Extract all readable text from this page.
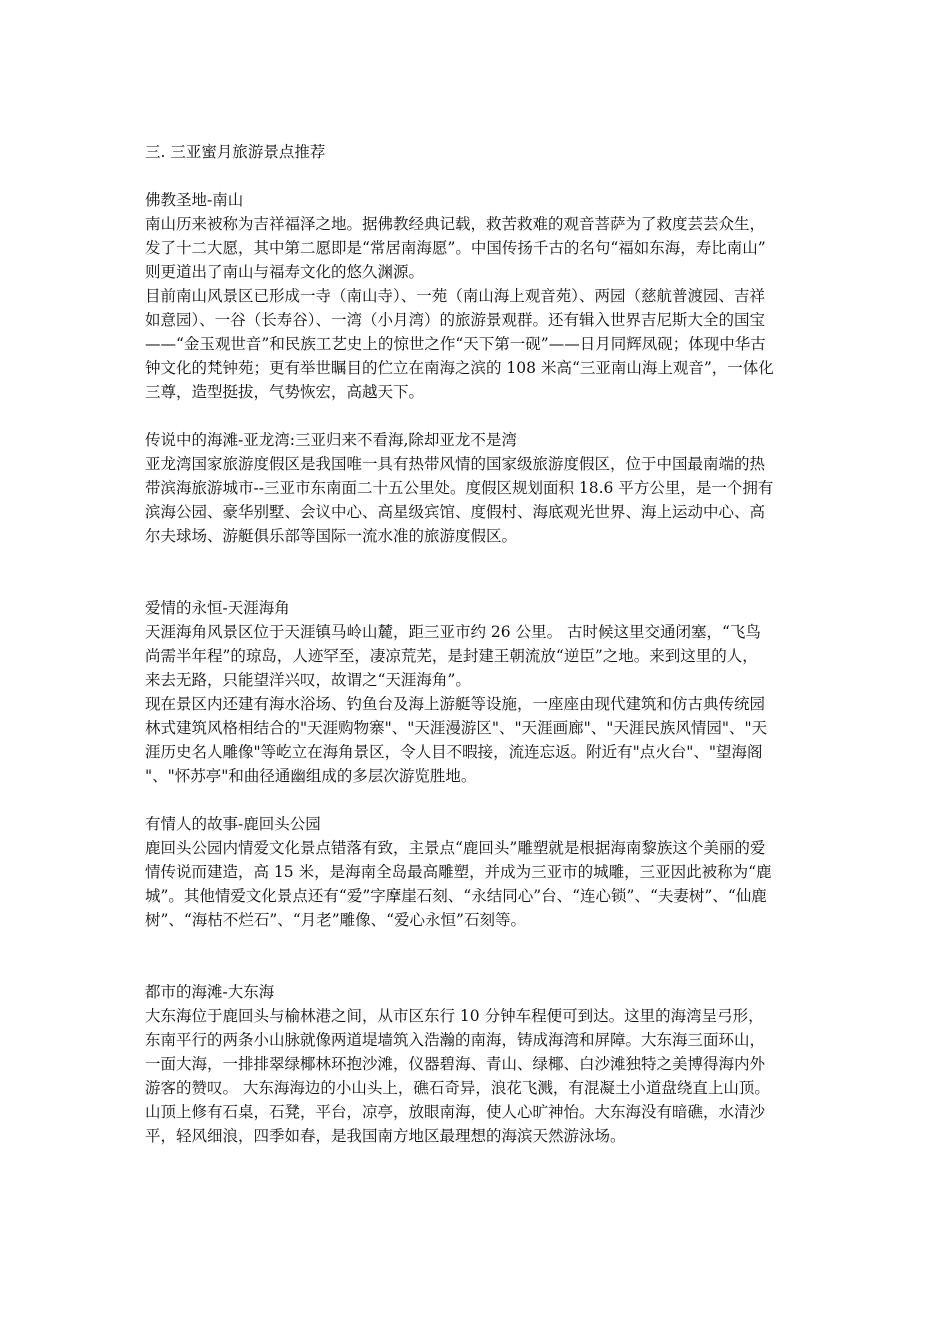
三. 三亚蜜月旅游景点推荐
佛教圣地-南山
南山历来被称为吉祥福泽之地。据佛教经典记载，救苦救难的观音菩萨为了救度芸芸众生，
发了十二大愿，其中第二愿即是“常居南海愿”。中国传扬千古的名句“福如东海，寿比南山”
则更道出了南山与福寿文化的悠久渊源。
目前南山风景区已形成一寺（南山寺）、一苑（南山海上观音苑）、两园（慈航普渡园、吉祥
如意园）、一谷（长寿谷）、一湾（小月湾）的旅游景观群。还有辑入世界吉尼斯大全的国宝
——“金玉观世音”和民族工艺史上的惊世之作“天下第一砚”——日月同辉凤砚；体现中华古
钟文化的梵钟苑；更有举世瞩目的伫立在南海之滨的 108 米高“三亚南山海上观音”，一体化
三尊，造型挺拔，气势恢宏，高越天下。
传说中的海滩-亚龙湾:三亚归来不看海,除却亚龙不是湾
亚龙湾国家旅游度假区是我国唯一具有热带风情的国家级旅游度假区，位于中国最南端的热
带滨海旅游城市--三亚市东南面二十五公里处。度假区规划面积 18.6 平方公里，是一个拥有
滨海公园、豪华别墅、会议中心、高星级宾馆、度假村、海底观光世界、海上运动中心、高
尔夫球场、游艇俱乐部等国际一流水准的旅游度假区。
爱情的永恒-天涯海角
天涯海角风景区位于天涯镇马岭山麓，距三亚市约 26 公里。 古时候这里交通闭塞，“飞鸟
尚需半年程”的琼岛，人迹罕至，凄凉荒芜，是封建王朝流放“逆臣”之地。来到这里的人，
来去无路，只能望洋兴叹，故谓之“天涯海角”。
现在景区内还建有海水浴场、钓鱼台及海上游艇等设施，一座座由现代建筑和仿古典传统园
林式建筑风格相结合的"天涯购物寨"、"天涯漫游区"、"天涯画廊"、"天涯民族风情园"、"天
涯历史名人雕像"等屹立在海角景区，令人目不暇接，流连忘返。附近有"点火台"、"望海阁
"、"怀苏亭"和曲径通幽组成的多层次游览胜地。
有情人的故事-鹿回头公园
鹿回头公园内情爱文化景点错落有致，主景点“鹿回头”雕塑就是根据海南黎族这个美丽的爱
情传说而建造，高 15 米，是海南全岛最高雕塑，并成为三亚市的城雕，三亚因此被称为“鹿
城”。其他情爱文化景点还有“爱”字摩崖石刻、“永结同心”台、“连心锁”、“夫妻树”、“仙鹿
树”、“海枯不烂石”、“月老”雕像、“爱心永恒”石刻等。
都市的海滩-大东海
大东海位于鹿回头与榆林港之间，从市区东行 10 分钟车程便可到达。这里的海湾呈弓形，
东南平行的两条小山脉就像两道堤墙筑入浩瀚的南海，铸成海湾和屏障。大东海三面环山，
一面大海，一排排翠绿椰林环抱沙滩，仪器碧海、青山、绿椰、白沙滩独特之美博得海内外
游客的赞叹。 大东海海边的小山头上，礁石奇异，浪花飞溅，有混凝土小道盘绕直上山顶。
山顶上修有石桌，石凳，平台，凉亭，放眼南海，使人心旷神怡。大东海没有暗礁，水清沙
平，轻风细浪，四季如春，是我国南方地区最理想的海滨天然游泳场。
